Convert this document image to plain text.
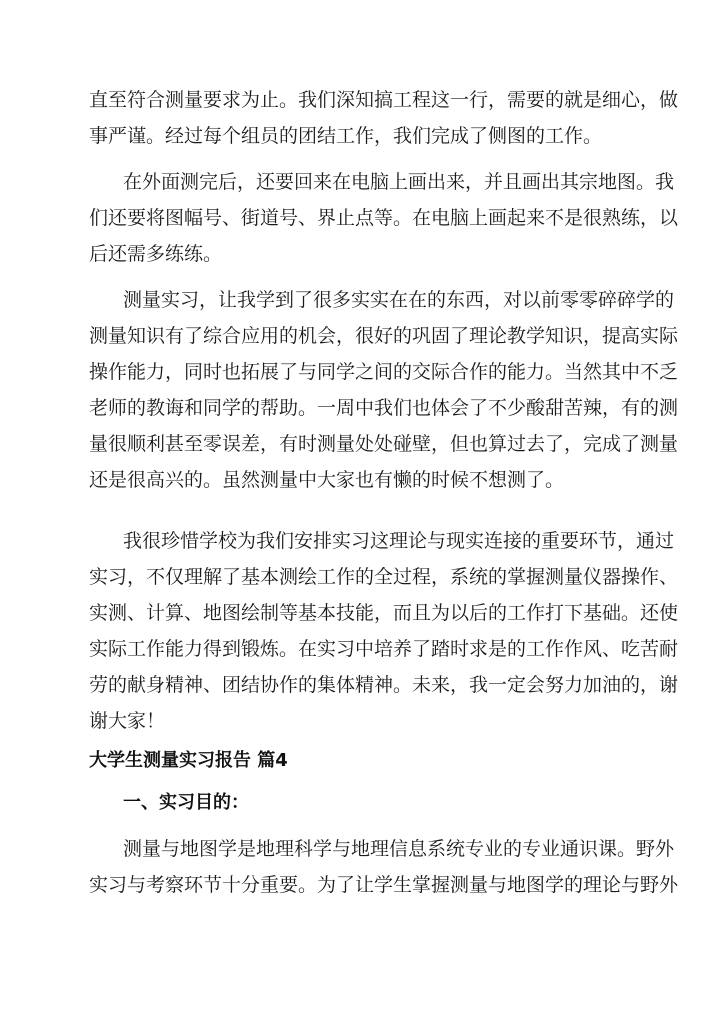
直至符合测量要求为止。我们深知搞工程这一行，需要的就是细心，做

事严谨。经过每个组员的团结工作，我们完成了侧图的工作。

在外面测完后，还要回来在电脑上画出来，并且画出其宗地图。我

们还要将图幅号、街道号、界止点等。在电脑上画起来不是很熟练，以

后还需多练练。

测量实习，让我学到了很多实实在在的东西，对以前零零碎碎学的

测量知识有了综合应用的机会，很好的巩固了理论教学知识，提高实际

操作能力，同时也拓展了与同学之间的交际合作的能力。当然其中不乏

老师的教诲和同学的帮助。一周中我们也体会了不少酸甜苦辣，有的测

量很顺利甚至零误差，有时测量处处碰壁，但也算过去了，完成了测量

还是很高兴的。虽然测量中大家也有懒的时候不想测了。

我很珍惜学校为我们安排实习这理论与现实连接的重要环节，通过

实习，不仅理解了基本测绘工作的全过程，系统的掌握测量仪器操作、

实测、计算、地图绘制等基本技能，而且为以后的工作打下基础。还使

实际工作能力得到锻炼。在实习中培养了踏时求是的工作作风、吃苦耐

劳的献身精神、团结协作的集体精神。未来，我一定会努力加油的，谢

谢大家！

大学生测量实习报告 篇4
一、实习目的：

测量与地图学是地理科学与地理信息系统专业的专业通识课。野外

实习与考察环节十分重要。为了让学生掌握测量与地图学的理论与野外
